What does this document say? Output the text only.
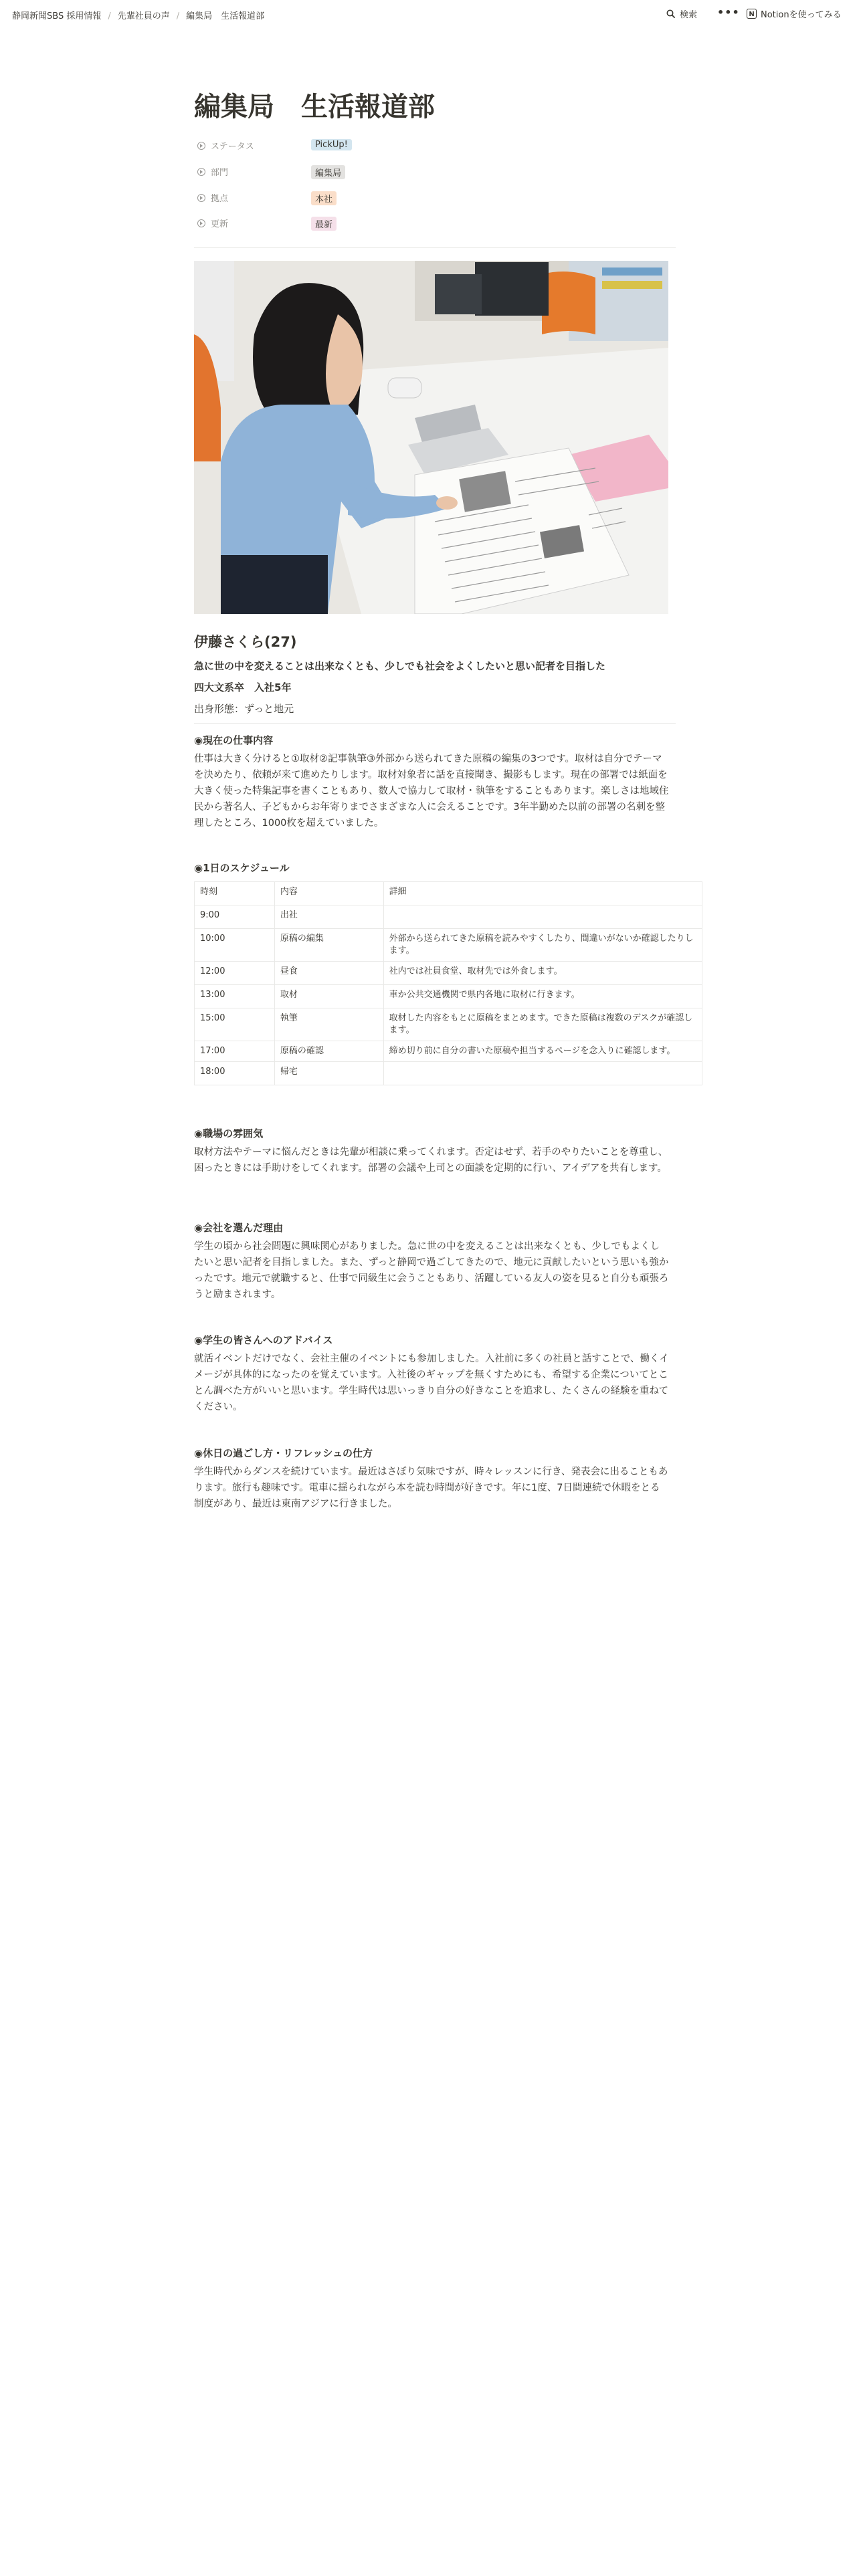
静岡新聞SBS 採用情報 / 先輩社員の声 / 編集局　生活報道部	検索 •••	N Notionを使ってみる
編集局　生活報道部
ステータス	PickUp!
部門	編集局
拠点	本社
更新	最新
伊藤さくら(27)
急に世の中を変えることは出来なくとも、少しでも社会をよくしたいと思い記者を目指した
四大文系卒　入社5年
出身形態：ずっと地元
◉現在の仕事内容
仕事は大きく分けると①取材②記事執筆③外部から送られてきた原稿の編集の3つです。取材は自分でテーマを決めたり、依頼が来て進めたりします。取材対象者に話を直接聞き、撮影もします。現在の部署では紙面を大きく使った特集記事を書くこともあり、数人で協力して取材・執筆をすることもあります。楽しさは地域住民から著名人、子どもからお年寄りまでさまざまな人に会えることです。3年半勤めた以前の部署の名刺を整理したところ、1000枚を超えていました。
◉1日のスケジュール
時刻	内容	詳細
9:00	出社	
10:00	原稿の編集	外部から送られてきた原稿を読みやすくしたり、間違いがないか確認したりします。
12:00	昼食	社内では社員食堂、取材先では外食します。
13:00	取材	車か公共交通機関で県内各地に取材に行きます。
15:00	執筆	取材した内容をもとに原稿をまとめます。できた原稿は複数のデスクが確認します。
17:00	原稿の確認	締め切り前に自分の書いた原稿や担当するページを念入りに確認します。
18:00	帰宅	
◉職場の雰囲気
取材方法やテーマに悩んだときは先輩が相談に乗ってくれます。否定はせず、若手のやりたいことを尊重し、困ったときには手助けをしてくれます。部署の会議や上司との面談を定期的に行い、アイデアを共有します。
◉会社を選んだ理由
学生の頃から社会問題に興味関心がありました。急に世の中を変えることは出来なくとも、少しでもよくしたいと思い記者を目指しました。また、ずっと静岡で過ごしてきたので、地元に貢献したいという思いも強かったです。地元で就職すると、仕事で同級生に会うこともあり、活躍している友人の姿を見ると自分も頑張ろうと励まされます。
◉学生の皆さんへのアドバイス
就活イベントだけでなく、会社主催のイベントにも参加しました。入社前に多くの社員と話すことで、働くイメージが具体的になったのを覚えています。入社後のギャップを無くすためにも、希望する企業についてとことん調べた方がいいと思います。学生時代は思いっきり自分の好きなことを追求し、たくさんの経験を重ねてください。
◉休日の過ごし方・リフレッシュの仕方
学生時代からダンスを続けています。最近はさぼり気味ですが、時々レッスンに行き、発表会に出ることもあります。旅行も趣味です。電車に揺られながら本を読む時間が好きです。年に1度、7日間連続で休暇をとる制度があり、最近は東南アジアに行きました。
